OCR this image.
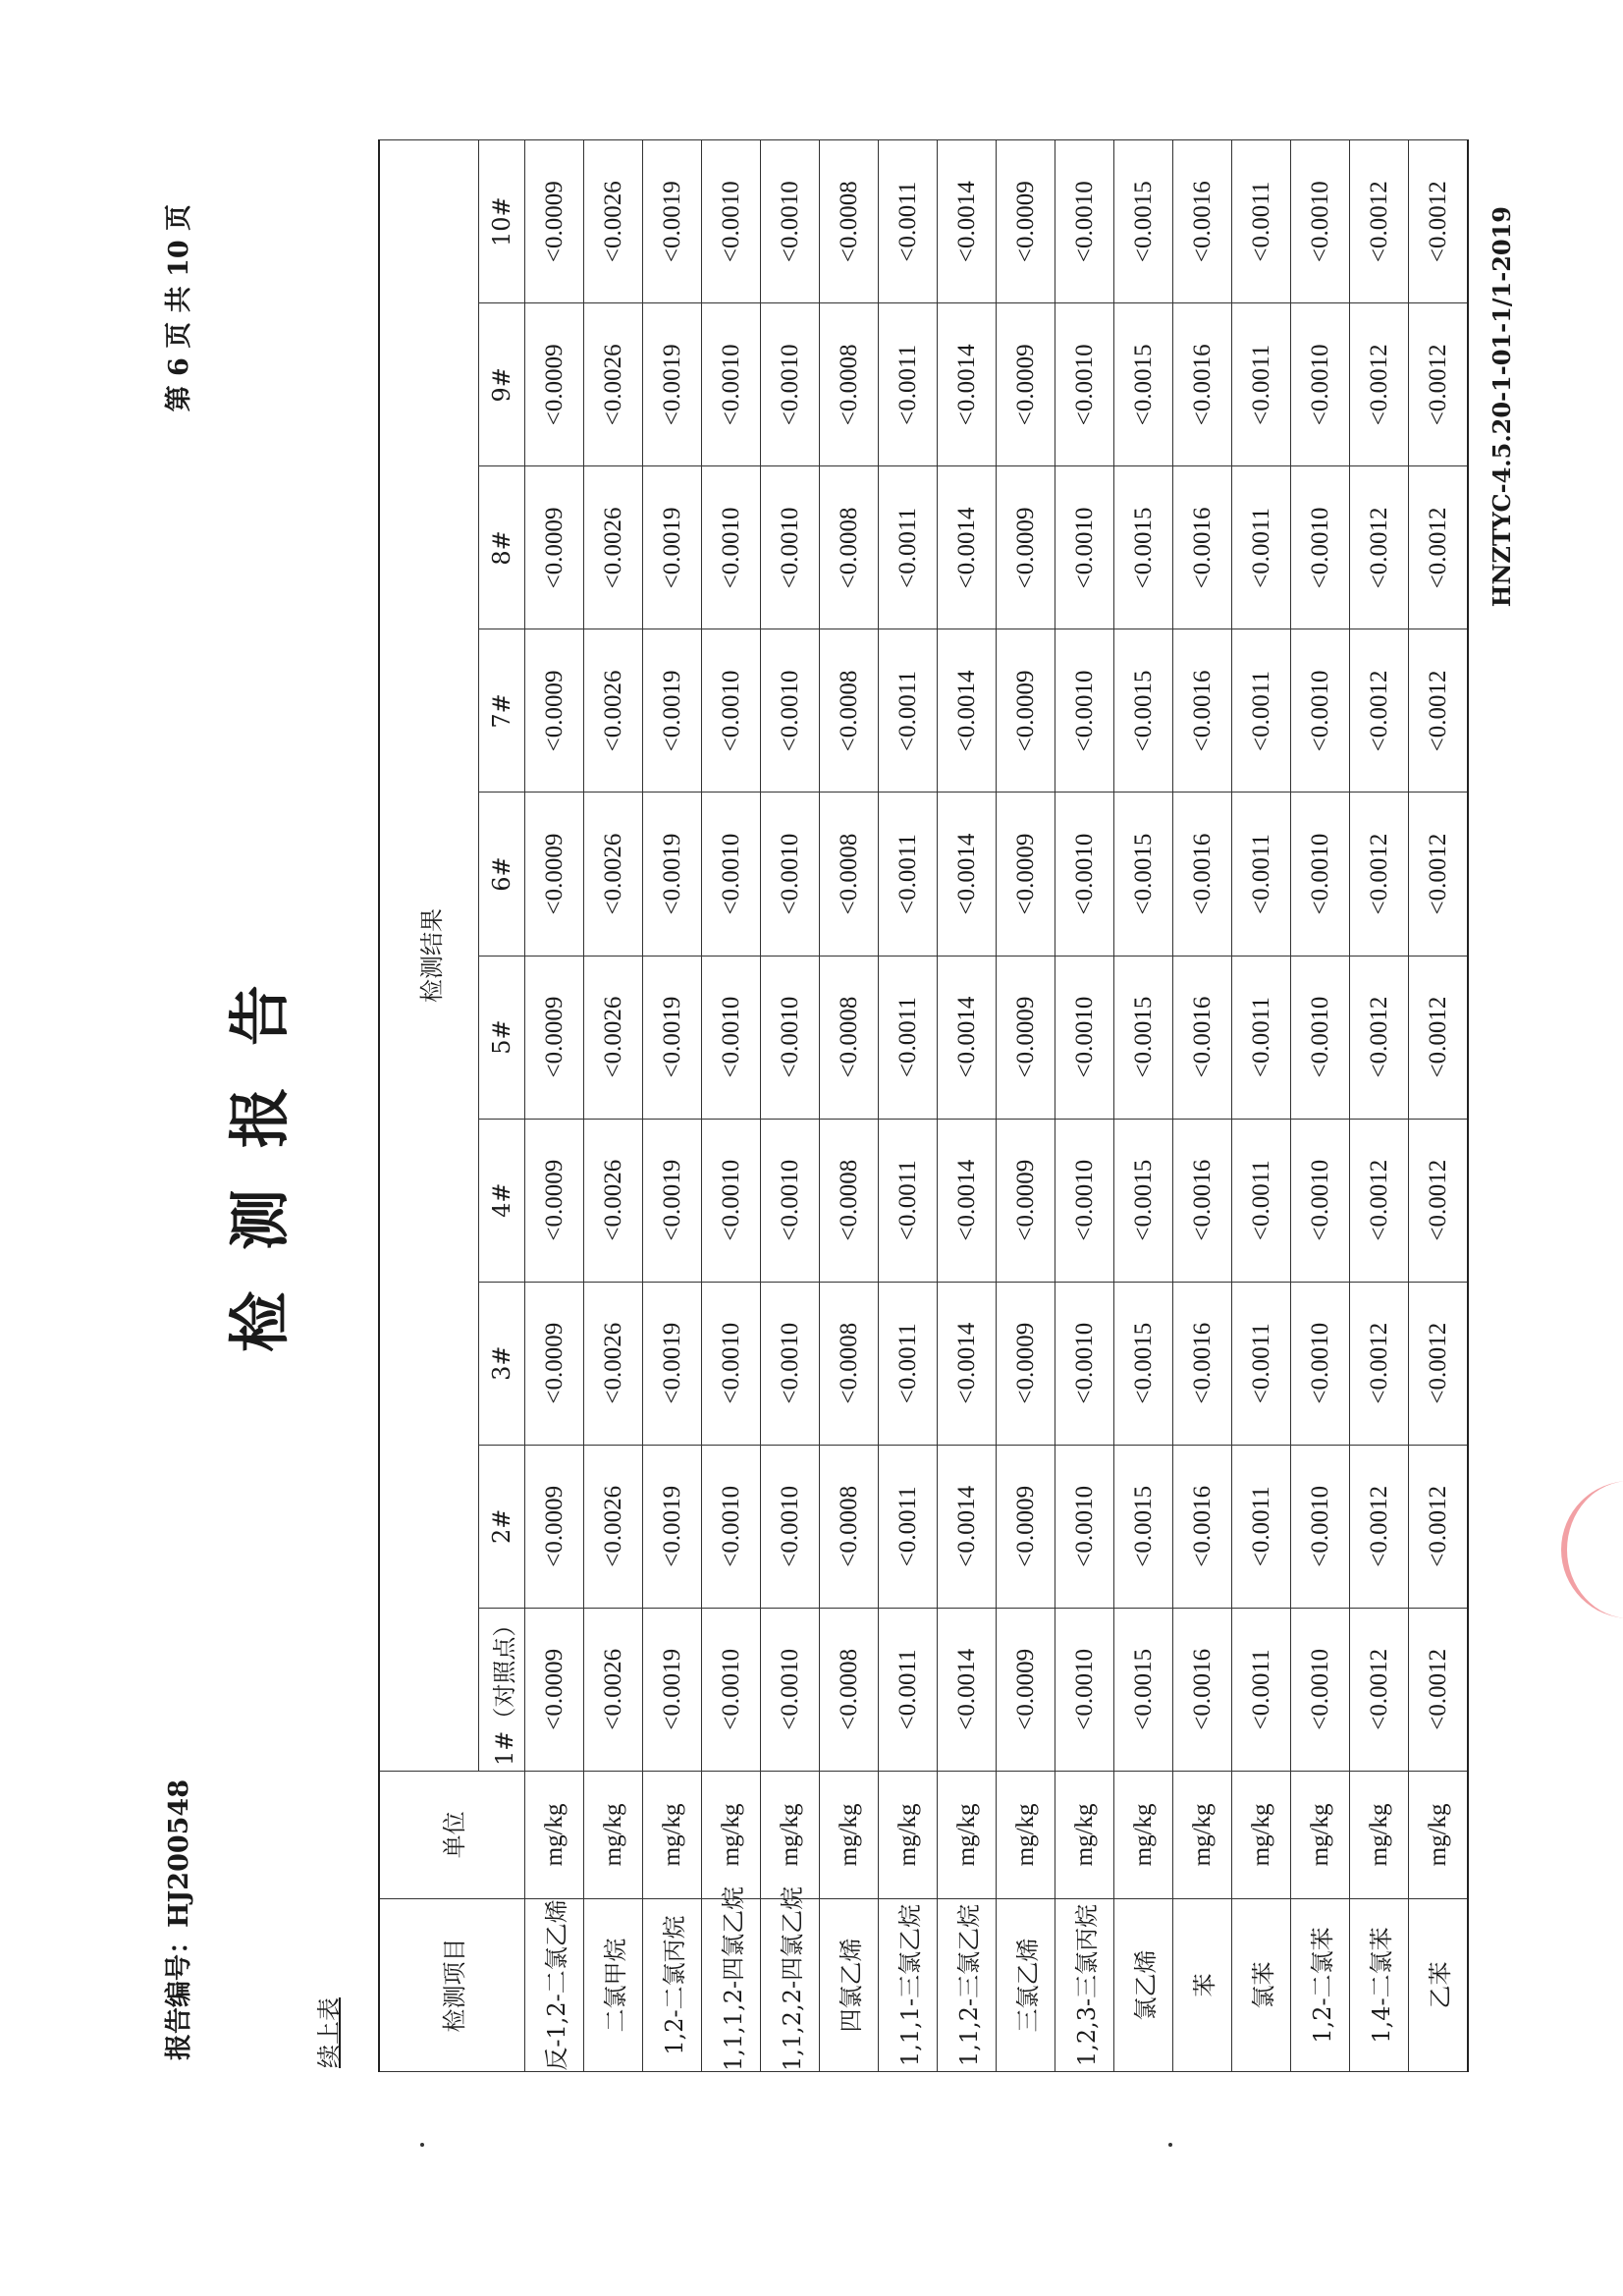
报告编号：HJ200548
第 6 页 共 10 页
检测报告
续上表
检测项目	单位	检测结果									
		1#（对照点）	2#	3#	4#	5#	6#	7#	8#	9#	10#
反-1,2-二氯乙烯	mg/kg	<0.0009	<0.0009	<0.0009	<0.0009	<0.0009	<0.0009	<0.0009	<0.0009	<0.0009	<0.0009
二氯甲烷	mg/kg	<0.0026	<0.0026	<0.0026	<0.0026	<0.0026	<0.0026	<0.0026	<0.0026	<0.0026	<0.0026
1,2-二氯丙烷	mg/kg	<0.0019	<0.0019	<0.0019	<0.0019	<0.0019	<0.0019	<0.0019	<0.0019	<0.0019	<0.0019
1,1,1,2-四氯乙烷	mg/kg	<0.0010	<0.0010	<0.0010	<0.0010	<0.0010	<0.0010	<0.0010	<0.0010	<0.0010	<0.0010
1,1,2,2-四氯乙烷	mg/kg	<0.0010	<0.0010	<0.0010	<0.0010	<0.0010	<0.0010	<0.0010	<0.0010	<0.0010	<0.0010
四氯乙烯	mg/kg	<0.0008	<0.0008	<0.0008	<0.0008	<0.0008	<0.0008	<0.0008	<0.0008	<0.0008	<0.0008
1,1,1-三氯乙烷	mg/kg	<0.0011	<0.0011	<0.0011	<0.0011	<0.0011	<0.0011	<0.0011	<0.0011	<0.0011	<0.0011
1,1,2-三氯乙烷	mg/kg	<0.0014	<0.0014	<0.0014	<0.0014	<0.0014	<0.0014	<0.0014	<0.0014	<0.0014	<0.0014
三氯乙烯	mg/kg	<0.0009	<0.0009	<0.0009	<0.0009	<0.0009	<0.0009	<0.0009	<0.0009	<0.0009	<0.0009
1,2,3-三氯丙烷	mg/kg	<0.0010	<0.0010	<0.0010	<0.0010	<0.0010	<0.0010	<0.0010	<0.0010	<0.0010	<0.0010
氯乙烯	mg/kg	<0.0015	<0.0015	<0.0015	<0.0015	<0.0015	<0.0015	<0.0015	<0.0015	<0.0015	<0.0015
苯	mg/kg	<0.0016	<0.0016	<0.0016	<0.0016	<0.0016	<0.0016	<0.0016	<0.0016	<0.0016	<0.0016
氯苯	mg/kg	<0.0011	<0.0011	<0.0011	<0.0011	<0.0011	<0.0011	<0.0011	<0.0011	<0.0011	<0.0011
1,2-二氯苯	mg/kg	<0.0010	<0.0010	<0.0010	<0.0010	<0.0010	<0.0010	<0.0010	<0.0010	<0.0010	<0.0010
1,4-二氯苯	mg/kg	<0.0012	<0.0012	<0.0012	<0.0012	<0.0012	<0.0012	<0.0012	<0.0012	<0.0012	<0.0012
乙苯	mg/kg	<0.0012	<0.0012	<0.0012	<0.0012	<0.0012	<0.0012	<0.0012	<0.0012	<0.0012	<0.0012 HNZTYC-4.5.20-1-01-1/1-2019
